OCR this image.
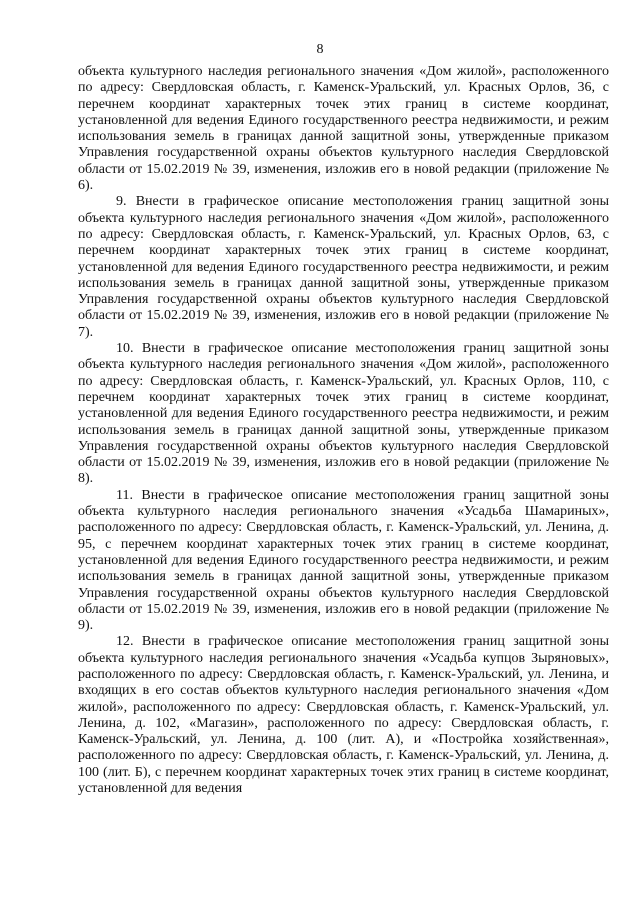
8

объекта культурного наследия регионального значения «Дом жилой», расположенного по адресу: Свердловская область, г. Каменск-Уральский, ул. Красных Орлов, 36, с перечнем координат характерных точек этих границ в системе координат, установленной для ведения Единого государственного реестра недвижимости, и режим использования земель в границах данной защитной зоны, утвержденные приказом Управления государственной охраны объектов культурного наследия Свердловской области от 15.02.2019 № 39, изменения, изложив его в новой редакции (приложение № 6).

9. Внести в графическое описание местоположения границ защитной зоны объекта культурного наследия регионального значения «Дом жилой», расположенного по адресу: Свердловская область, г. Каменск-Уральский, ул. Красных Орлов, 63, с перечнем координат характерных точек этих границ в системе координат, установленной для ведения Единого государственного реестра недвижимости, и режим использования земель в границах данной защитной зоны, утвержденные приказом Управления государственной охраны объектов культурного наследия Свердловской области от 15.02.2019 № 39, изменения, изложив его в новой редакции (приложение № 7).

10. Внести в графическое описание местоположения границ защитной зоны объекта культурного наследия регионального значения «Дом жилой», расположенного по адресу: Свердловская область, г. Каменск-Уральский, ул. Красных Орлов, 110, с перечнем координат характерных точек этих границ в системе координат, установленной для ведения Единого государственного реестра недвижимости, и режим использования земель в границах данной защитной зоны, утвержденные приказом Управления государственной охраны объектов культурного наследия Свердловской области от 15.02.2019 № 39, изменения, изложив его в новой редакции (приложение № 8).

11. Внести в графическое описание местоположения границ защитной зоны объекта культурного наследия регионального значения «Усадьба Шамариных», расположенного по адресу: Свердловская область, г. Каменск-Уральский, ул. Ленина, д. 95, с перечнем координат характерных точек этих границ в системе координат, установленной для ведения Единого государственного реестра недвижимости, и режим использования земель в границах данной защитной зоны, утвержденные приказом Управления государственной охраны объектов культурного наследия Свердловской области от 15.02.2019 № 39, изменения, изложив его в новой редакции (приложение № 9).

12. Внести в графическое описание местоположения границ защитной зоны объекта культурного наследия регионального значения «Усадьба купцов Зыряновых», расположенного по адресу: Свердловская область, г. Каменск-Уральский, ул. Ленина, и входящих в его состав объектов культурного наследия регионального значения «Дом жилой», расположенного по адресу: Свердловская область, г. Каменск-Уральский, ул. Ленина, д. 102, «Магазин», расположенного по адресу: Свердловская область, г. Каменск-Уральский, ул. Ленина, д. 100 (лит. А), и «Постройка хозяйственная», расположенного по адресу: Свердловская область, г. Каменск-Уральский, ул. Ленина, д. 100 (лит. Б), с перечнем координат характерных точек этих границ в системе координат, установленной для ведения
